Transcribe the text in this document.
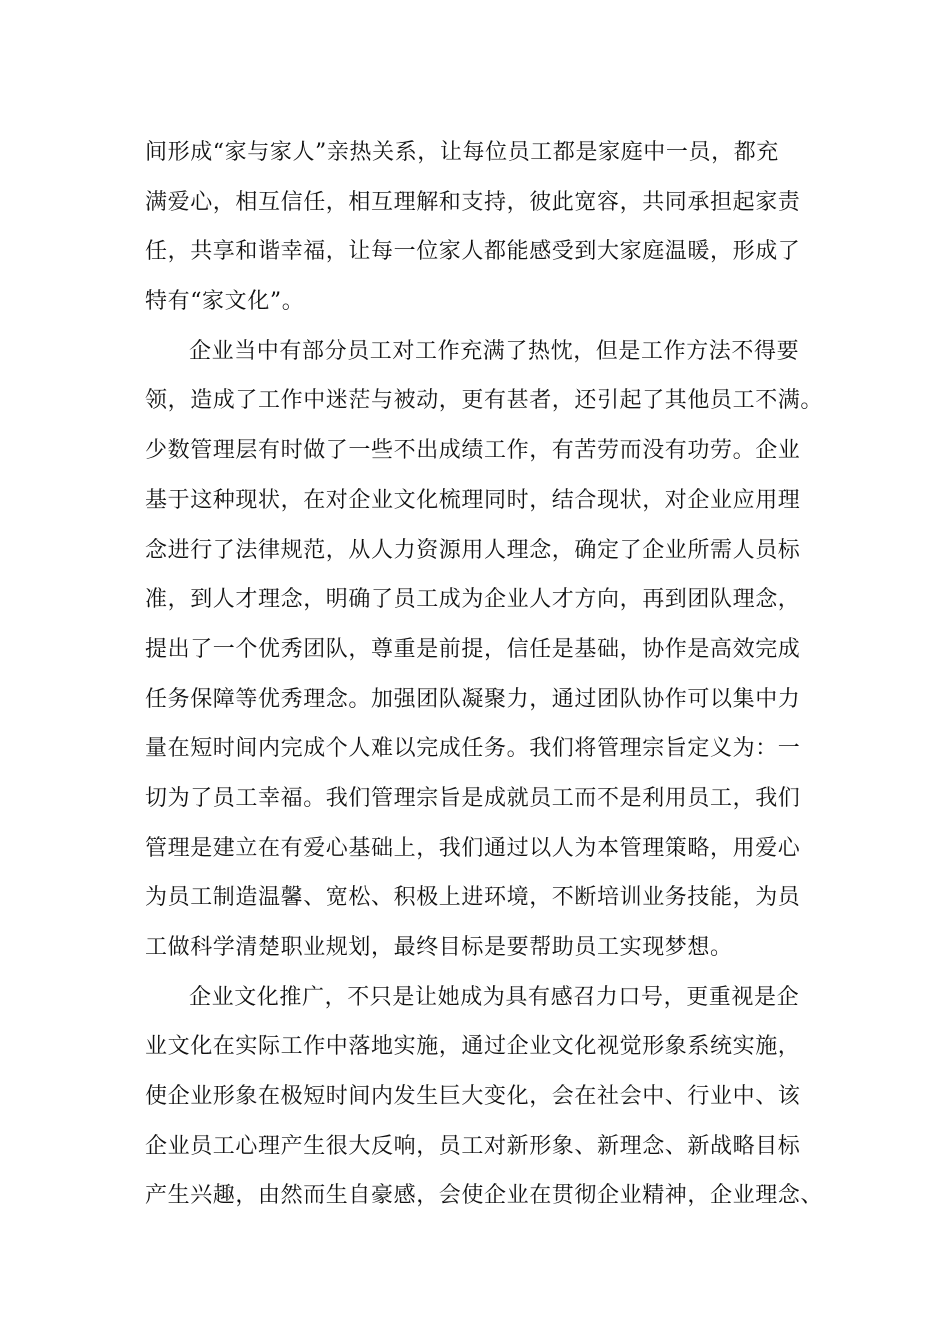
间形成“家与家人”亲热关系，让每位员工都是家庭中一员，都充
满爱心，相互信任，相互理解和支持，彼此宽容，共同承担起家责
任，共享和谐幸福，让每一位家人都能感受到大家庭温暖，形成了
特有“家文化”。
企业当中有部分员工对工作充满了热忱，但是工作方法不得要
领，造成了工作中迷茫与被动，更有甚者，还引起了其他员工不满。
少数管理层有时做了一些不出成绩工作，有苦劳而没有功劳。企业
基于这种现状，在对企业文化梳理同时，结合现状，对企业应用理
念进行了法律规范，从人力资源用人理念，确定了企业所需人员标
准，到人才理念，明确了员工成为企业人才方向，再到团队理念，
提出了一个优秀团队，尊重是前提，信任是基础，协作是高效完成
任务保障等优秀理念。加强团队凝聚力，通过团队协作可以集中力
量在短时间内完成个人难以完成任务。我们将管理宗旨定义为：一
切为了员工幸福。我们管理宗旨是成就员工而不是利用员工，我们
管理是建立在有爱心基础上，我们通过以人为本管理策略，用爱心
为员工制造温馨、宽松、积极上进环境，不断培训业务技能，为员
工做科学清楚职业规划，最终目标是要帮助员工实现梦想。
企业文化推广，不只是让她成为具有感召力口号，更重视是企
业文化在实际工作中落地实施，通过企业文化视觉形象系统实施，
使企业形象在极短时间内发生巨大变化，会在社会中、行业中、该
企业员工心理产生很大反响，员工对新形象、新理念、新战略目标
产生兴趣，由然而生自豪感，会使企业在贯彻企业精神，企业理念、
